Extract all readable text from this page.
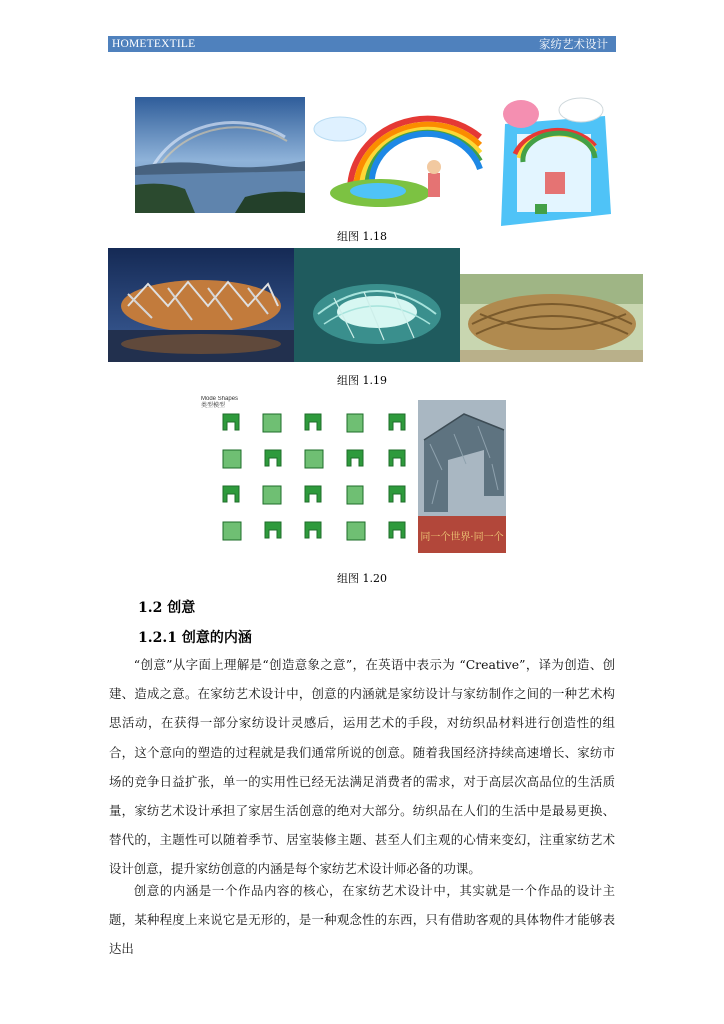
HOMETEXTILE	家纺艺术设计
组图 1.18
组图 1.19
Mode Shapes
类型模型
同一个世界·同一个
组图 1.20
1.2 创意
1.2.1 创意的内涵

“创意”从字面上理解是“创造意象之意”，在英语中表示为 “Creative”，译为创造、创建、造成之意。在家纺艺术设计中，创意的内涵就是家纺设计与家纺制作之间的一种艺术构思活动，在获得一部分家纺设计灵感后，运用艺术的手段，对纺织品材料进行创造性的组合，这个意向的塑造的过程就是我们通常所说的创意。随着我国经济持续高速增长、家纺市场的竞争日益扩张，单一的实用性已经无法满足消费者的需求，对于高层次高品位的生活质量，家纺艺术设计承担了家居生活创意的绝对大部分。纺织品在人们的生活中是最易更换、替代的，主题性可以随着季节、居室装修主题、甚至人们主观的心情来变幻，注重家纺艺术设计创意，提升家纺创意的内涵是每个家纺艺术设计师必备的功课。

创意的内涵是一个作品内容的核心，在家纺艺术设计中，其实就是一个作品的设计主题，某种程度上来说它是无形的，是一种观念性的东西，只有借助客观的具体物件才能够表达出
